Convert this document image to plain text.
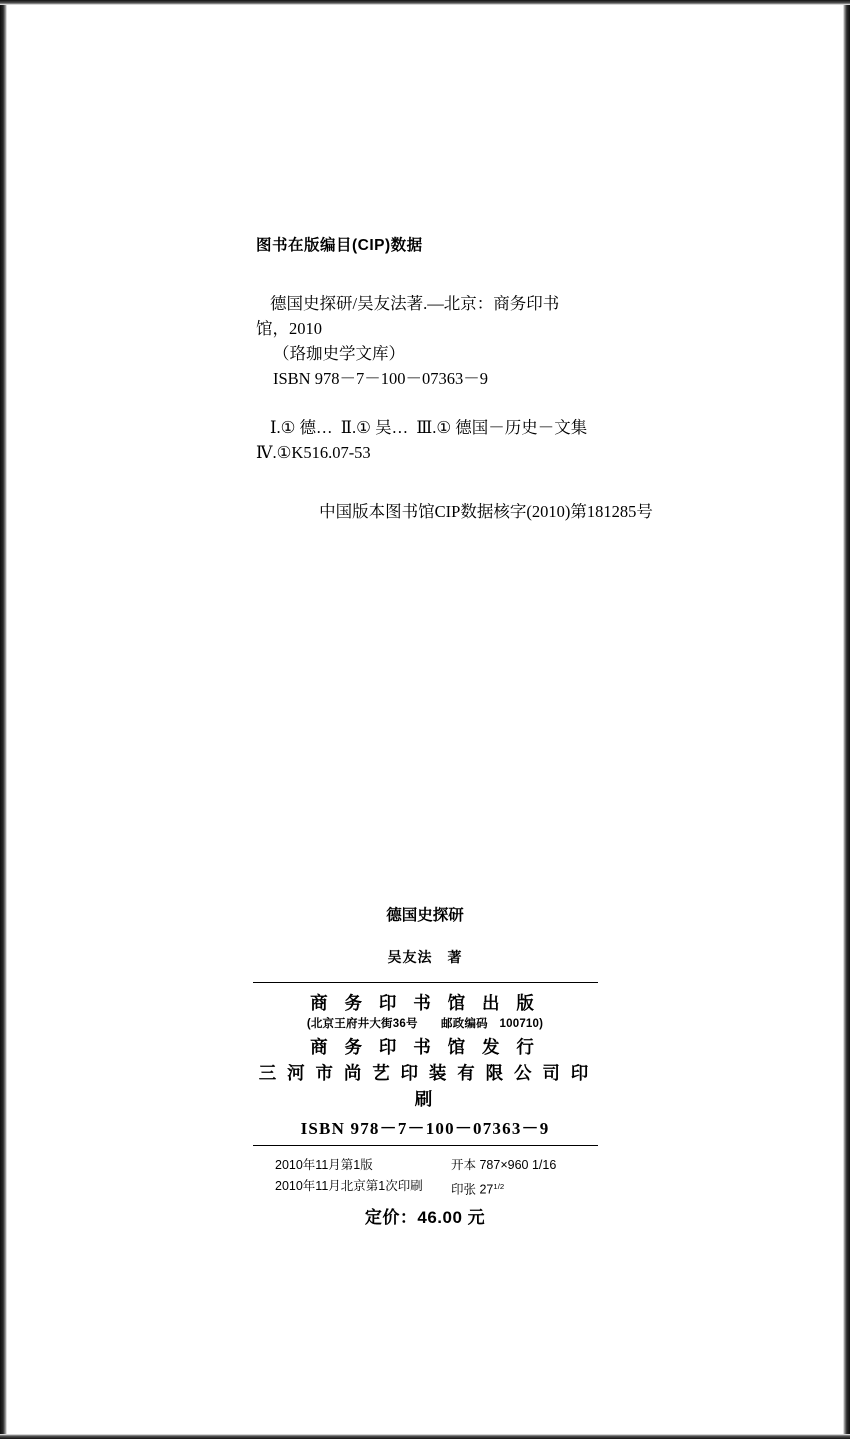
图书在版编目(CIP)数据

德国史探研/吴友法著.—北京：商务印书

馆，2010

（珞珈史学文库）

ISBN 978－7－100－07363－9

Ⅰ.① 德…  Ⅱ.① 吴…  Ⅲ.① 德国－历史－文集

Ⅳ.①K516.07-53

中国版本图书馆CIP数据核字(2010)第181285号

德国史探研

吴友法　著

商 务 印 书 馆 出 版

(北京王府井大街36号　　邮政编码　100710)

商 务 印 书 馆 发 行

三 河 市 尚 艺 印 装 有 限 公 司 印 刷

ISBN 978－7－100－07363－9

2010年11月第1版	开本 787×960 1/16
2010年11月北京第1次印刷 印张 $27^{1/2}$
定价：46.00 元
